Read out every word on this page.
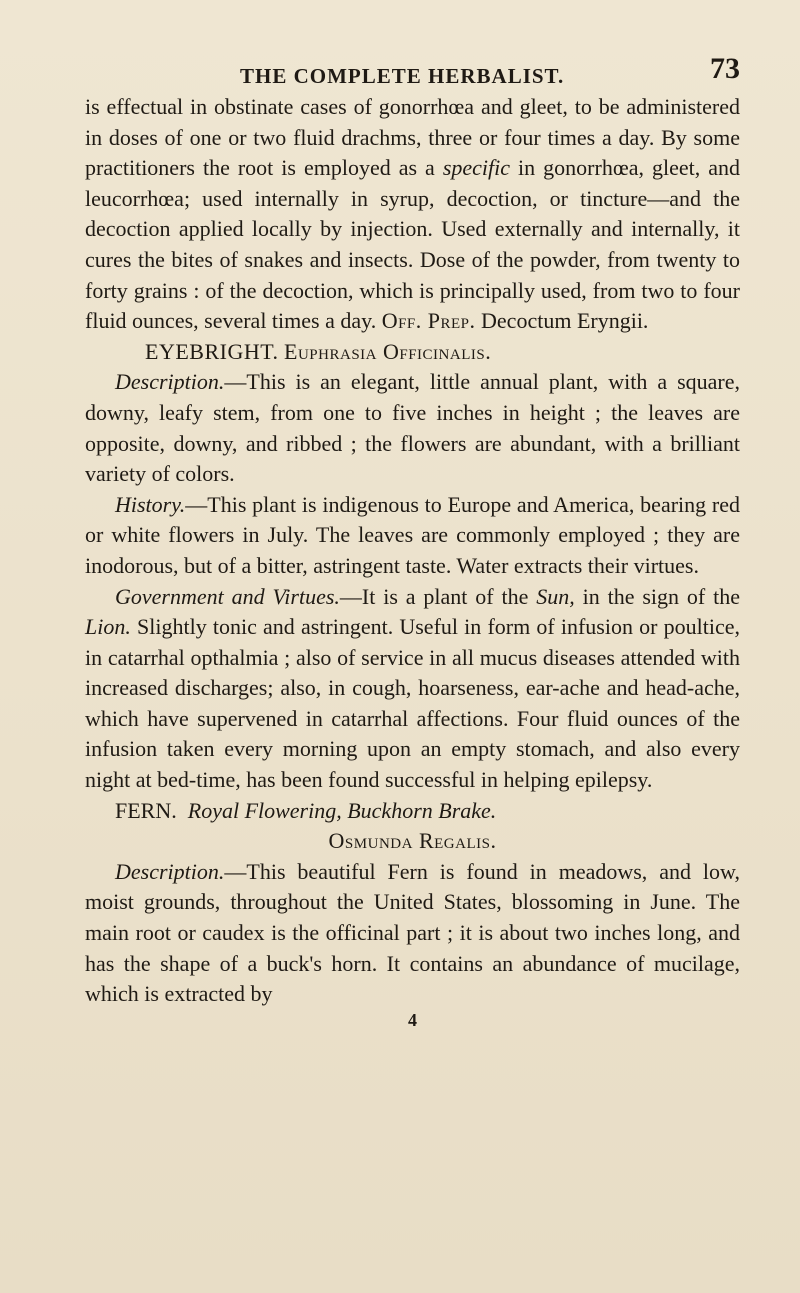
THE COMPLETE HERBALIST.	73

is effectual in obstinate cases of gonorrhœa and gleet, to be administered in doses of one or two fluid drachms, three or four times a day. By some practitioners the root is employed as a specific in gonorrhœa, gleet, and leucorrhœa; used internally in syrup, decoction, or tincture—and the decoction applied locally by injection. Used externally and internally, it cures the bites of snakes and insects. Dose of the powder, from twenty to forty grains : of the decoction, which is principally used, from two to four fluid ounces, several times a day. Off. Prep. Decoctum Eryngii.

EYEBRIGHT. Euphrasia Officinalis.

Description.—This is an elegant, little annual plant, with a square, downy, leafy stem, from one to five inches in height ; the leaves are opposite, downy, and ribbed ; the flowers are abundant, with a brilliant variety of colors.

History.—This plant is indigenous to Europe and America, bearing red or white flowers in July. The leaves are commonly employed ; they are inodorous, but of a bitter, astringent taste. Water extracts their virtues.

Government and Virtues.—It is a plant of the Sun, in the sign of the Lion. Slightly tonic and astringent. Useful in form of infusion or poultice, in catarrhal opthalmia ; also of service in all mucus diseases attended with increased discharges; also, in cough, hoarseness, ear-ache and head-ache, which have supervened in catarrhal affections. Four fluid ounces of the infusion taken every morning upon an empty stomach, and also every night at bed-time, has been found successful in helping epilepsy.

FERN. Royal Flowering, Buckhorn Brake.

Osmunda Regalis.

Description.—This beautiful Fern is found in meadows, and low, moist grounds, throughout the United States, blossoming in June. The main root or caudex is the officinal part ; it is about two inches long, and has the shape of a buck's horn. It contains an abundance of mucilage, which is extracted by

4
